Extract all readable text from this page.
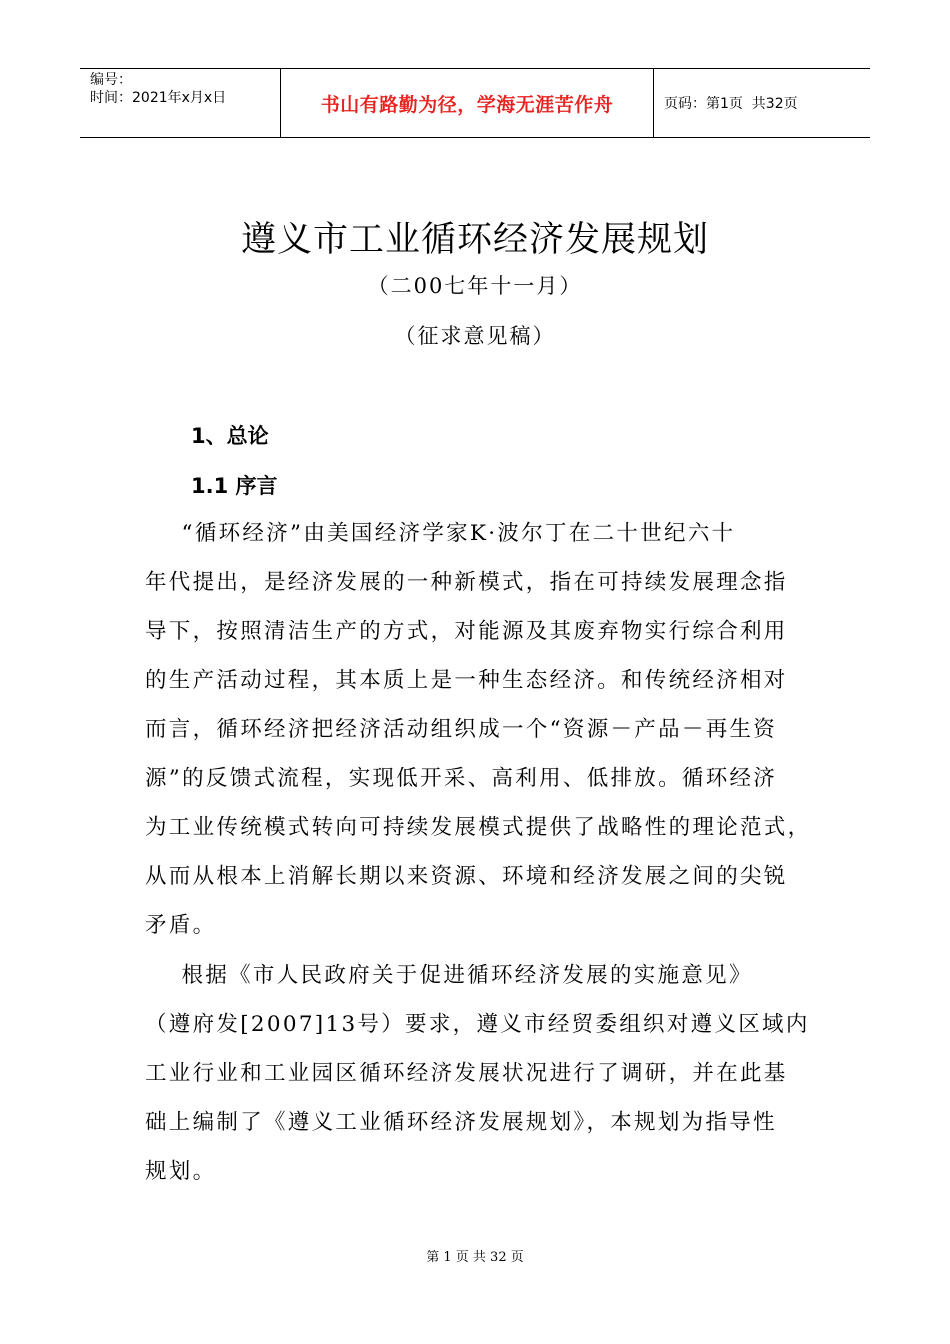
编号：
时间：2021年x月x日	书山有路勤为径，学海无涯苦作舟	页码：第1页  共32页
遵义市工业循环经济发展规划
（二00七年十一月）
（征求意见稿）
1、总论
1.1 序言
“循环经济”由美国经济学家K·波尔丁在二十世纪六十
年代提出，是经济发展的一种新模式，指在可持续发展理念指
导下，按照清洁生产的方式，对能源及其废弃物实行综合利用
的生产活动过程，其本质上是一种生态经济。和传统经济相对
而言，循环经济把经济活动组织成一个“资源－产品－再生资
源”的反馈式流程，实现低开采、高利用、低排放。循环经济
为工业传统模式转向可持续发展模式提供了战略性的理论范式，
从而从根本上消解长期以来资源、环境和经济发展之间的尖锐
矛盾。
根据《市人民政府关于促进循环经济发展的实施意见》
（遵府发[2007]13号）要求，遵义市经贸委组织对遵义区域内
工业行业和工业园区循环经济发展状况进行了调研，并在此基
础上编制了《遵义工业循环经济发展规划》，本规划为指导性
规划。
第 1 页 共 32 页
